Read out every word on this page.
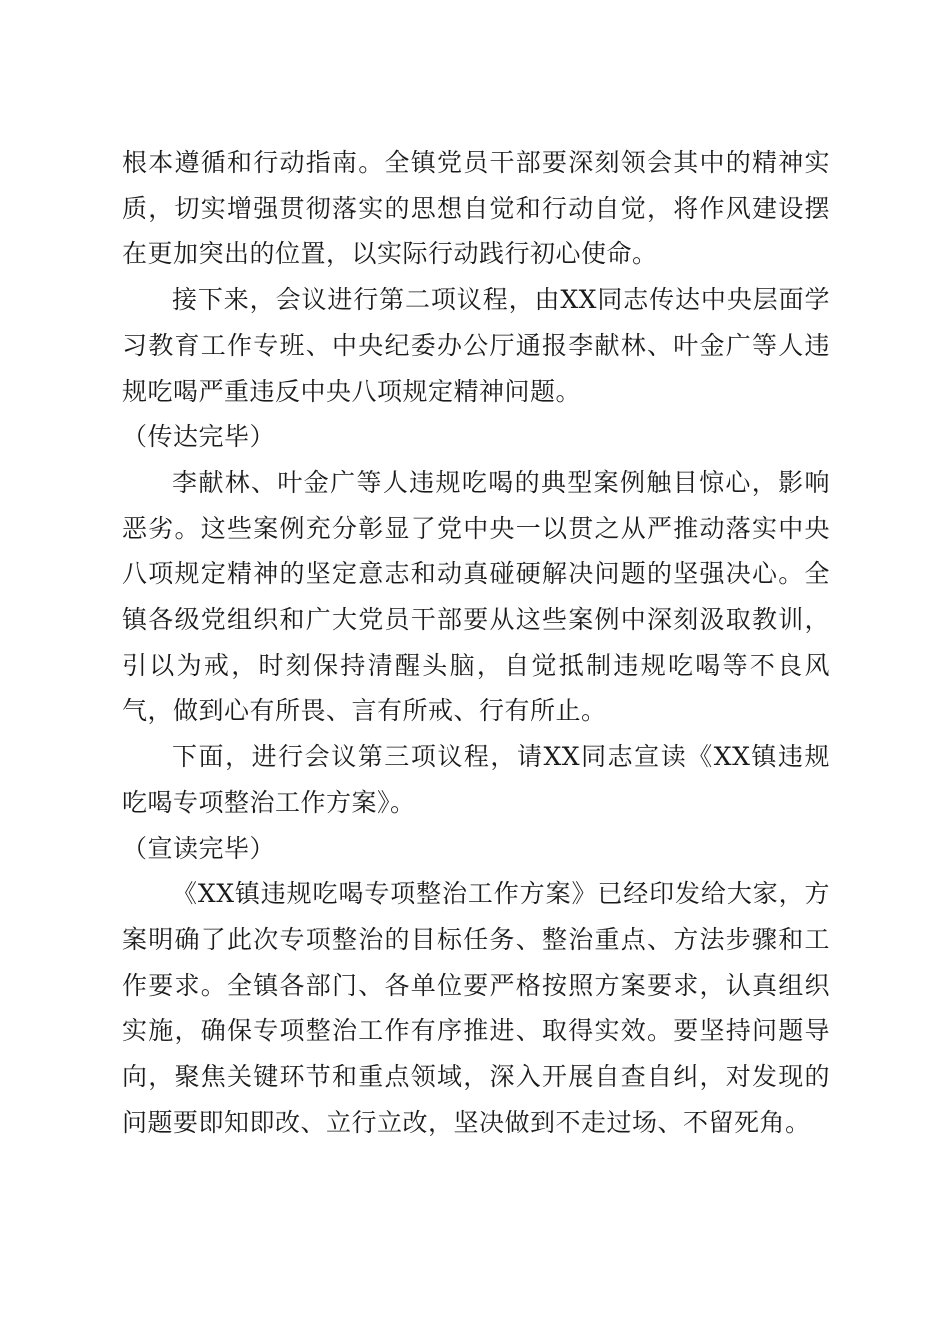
根本遵循和行动指南。全镇党员干部要深刻领会其中的精神实质，切实增强贯彻落实的思想自觉和行动自觉，将作风建设摆在更加突出的位置，以实际行动践行初心使命。

接下来，会议进行第二项议程，由XX同志传达中央层面学习教育工作专班、中央纪委办公厅通报李献林、叶金广等人违规吃喝严重违反中央八项规定精神问题。

（传达完毕）

李献林、叶金广等人违规吃喝的典型案例触目惊心，影响恶劣。这些案例充分彰显了党中央一以贯之从严推动落实中央八项规定精神的坚定意志和动真碰硬解决问题的坚强决心。全镇各级党组织和广大党员干部要从这些案例中深刻汲取教训，引以为戒，时刻保持清醒头脑，自觉抵制违规吃喝等不良风气，做到心有所畏、言有所戒、行有所止。

下面，进行会议第三项议程，请XX同志宣读《XX镇违规吃喝专项整治工作方案》。

（宣读完毕）

《XX镇违规吃喝专项整治工作方案》已经印发给大家，方案明确了此次专项整治的目标任务、整治重点、方法步骤和工作要求。全镇各部门、各单位要严格按照方案要求，认真组织实施，确保专项整治工作有序推进、取得实效。要坚持问题导向，聚焦关键环节和重点领域，深入开展自查自纠，对发现的问题要即知即改、立行立改，坚决做到不走过场、不留死角。
